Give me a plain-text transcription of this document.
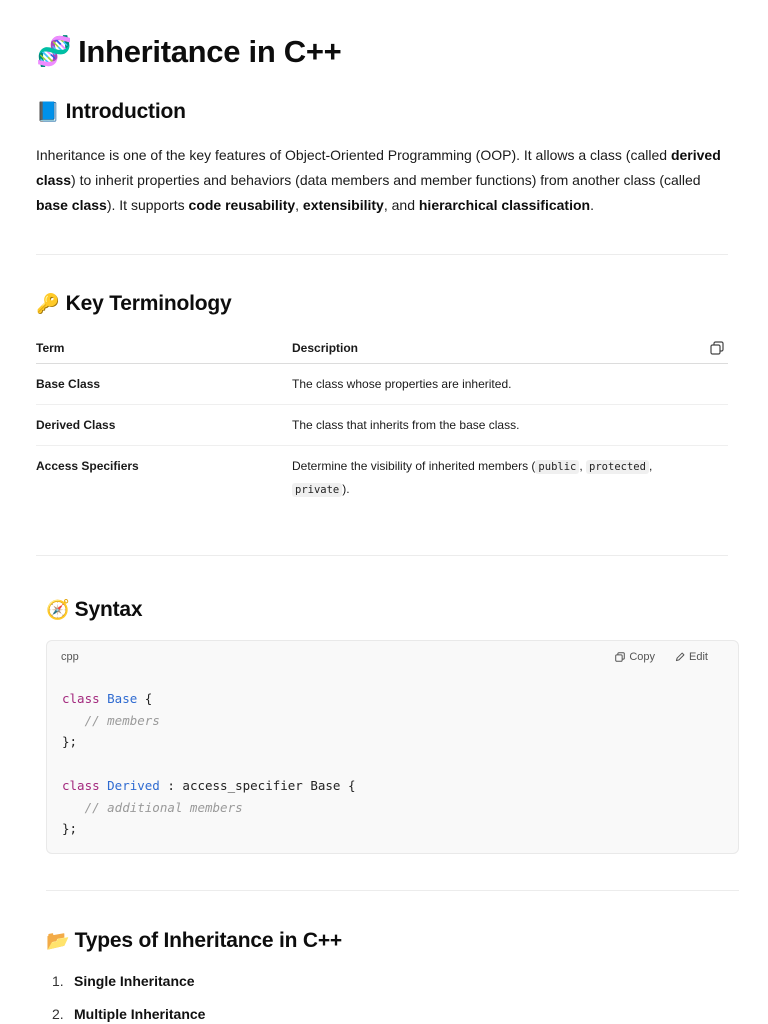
🧬 Inheritance in C++
📘 Introduction

Inheritance is one of the key features of Object-Oriented Programming (OOP). It allows a class (called derived class) to inherit properties and behaviors (data members and member functions) from another class (called base class). It supports code reusability, extensibility, and hierarchical classification.

🔑 Key Terminology
Term	Description
Base Class	The class whose properties are inherited.
Derived Class	The class that inherits from the base class.
Access Specifiers	Determine the visibility of inherited members ( public , protected ,
private ).
🧭 Syntax
cpp	Copy	Edit
class Base {
// members
};
class Derived : access_specifier Base {
// additional members
};
📂 Types of Inheritance in C++
1. Single Inheritance
2. Multiple Inheritance
